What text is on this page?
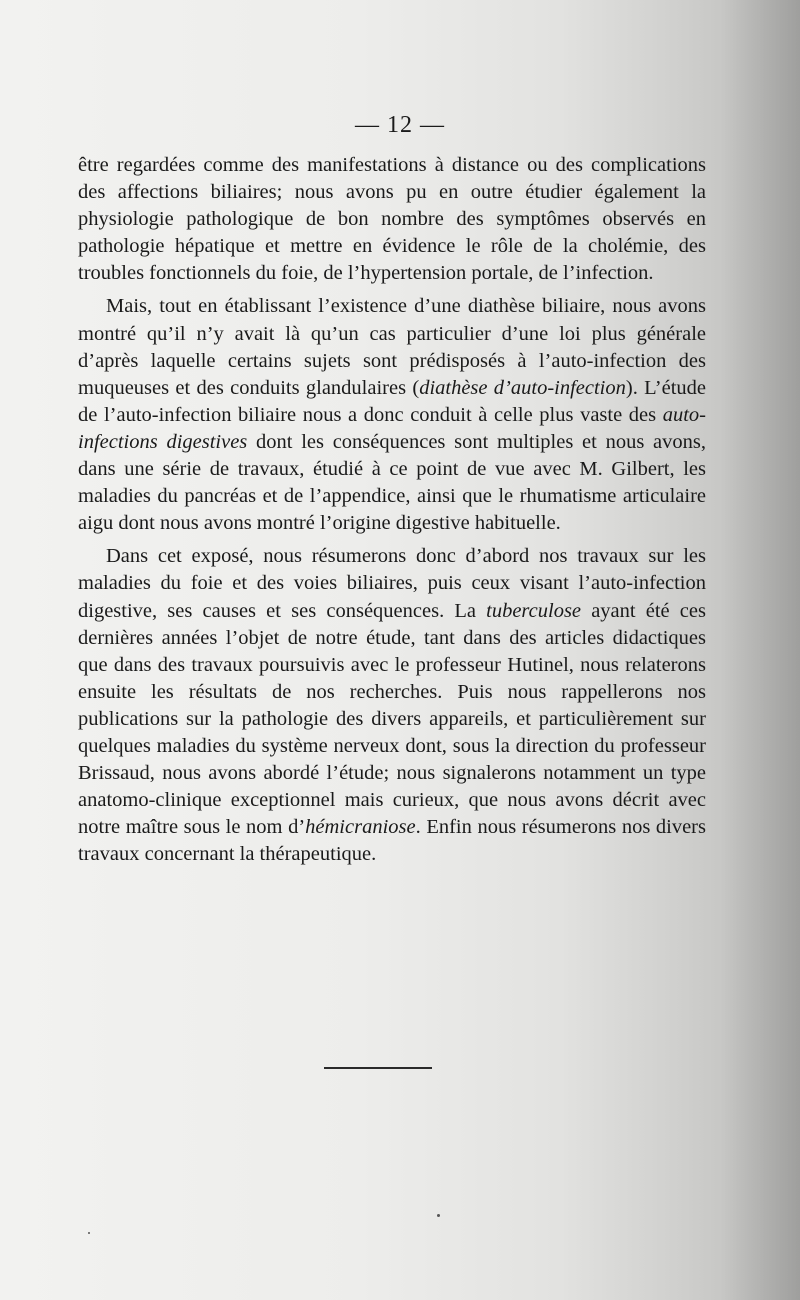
— 12 —

être regardées comme des manifestations à distance ou des complications des affections biliaires; nous avons pu en outre étudier également la physiologie pathologique de bon nombre des symptômes observés en pathologie hépatique et mettre en évidence le rôle de la cholémie, des troubles fonctionnels du foie, de l’hypertension portale, de l’infection.

Mais, tout en établissant l’existence d’une diathèse biliaire, nous avons montré qu’il n’y avait là qu’un cas particulier d’une loi plus générale d’après laquelle certains sujets sont prédisposés à l’auto-infection des muqueuses et des conduits glandulaires (diathèse d’auto-infection). L’étude de l’auto-infection biliaire nous a donc conduit à celle plus vaste des auto-infections digestives dont les conséquences sont multiples et nous avons, dans une série de travaux, étudié à ce point de vue avec M. Gilbert, les maladies du pancréas et de l’appendice, ainsi que le rhumatisme articulaire aigu dont nous avons montré l’origine digestive habituelle.

Dans cet exposé, nous résumerons donc d’abord nos travaux sur les maladies du foie et des voies biliaires, puis ceux visant l’auto-infection digestive, ses causes et ses conséquences. La tuberculose ayant été ces dernières années l’objet de notre étude, tant dans des articles didactiques que dans des travaux poursuivis avec le professeur Hutinel, nous relaterons ensuite les résultats de nos recherches. Puis nous rappellerons nos publications sur la pathologie des divers appareils, et particulièrement sur quelques maladies du système nerveux dont, sous la direction du professeur Brissaud, nous avons abordé l’étude; nous signalerons notamment un type anatomo-clinique exceptionnel mais curieux, que nous avons décrit avec notre maître sous le nom d’hémicraniose. Enfin nous résumerons nos divers travaux concernant la thérapeutique.
